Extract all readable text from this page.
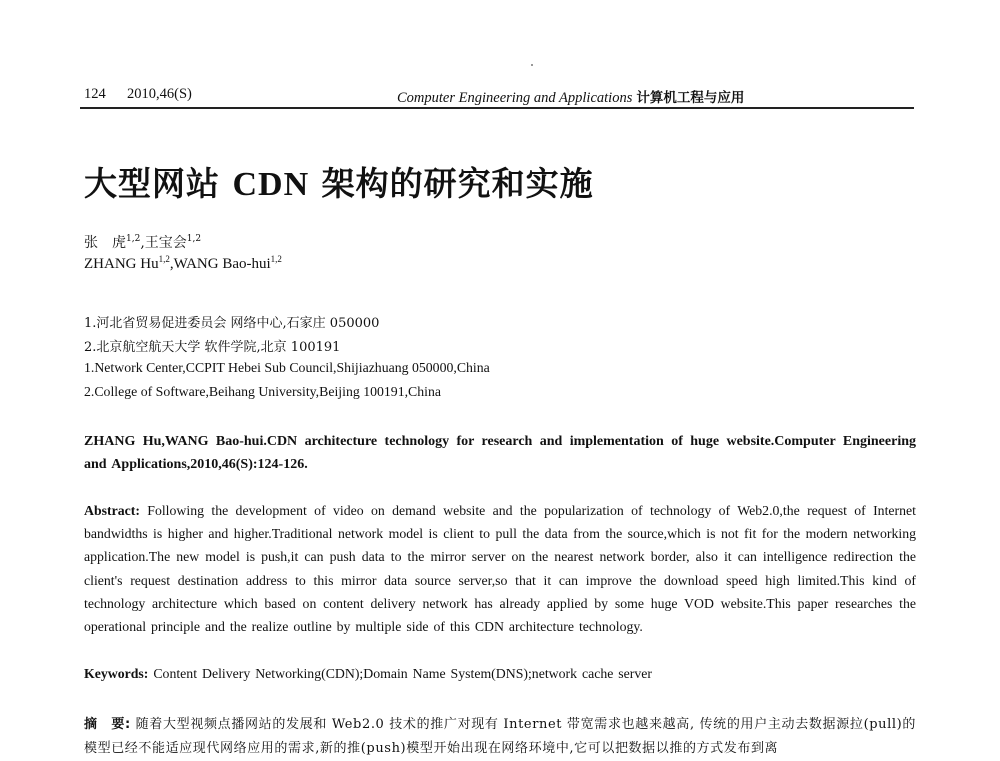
124 2010,46(S)	Computer Engineering and Applications 计算机工程与应用
大型网站 CDN 架构的研究和实施
张　虎$^{1,2}$,王宝会$^{1,2}$
ZHANG Hu$^{1,2}$,WANG Bao-hui$^{1,2}$
1.河北省贸易促进委员会 网络中心,石家庄 050000
2.北京航空航天大学 软件学院,北京 100191
1.Network Center,CCPIT Hebei Sub Council,Shijiazhuang 050000,China
2.College of Software,Beihang University,Beijing 100191,China
ZHANG Hu,WANG Bao-hui.CDN architecture technology for research and implementation of huge website.Computer Engineering and Applications,2010,46(S):124-126.
Abstract: Following the development of video on demand website and the popularization of technology of Web2.0,the request of Internet bandwidths is higher and higher.Traditional network model is client to pull the data from the source,which is not fit for the modern networking application.The new model is push,it can push data to the mirror server on the nearest network border, also it can intelligence redirection the client's request destination address to this mirror data source server,so that it can improve the download speed high limited.This kind of technology architecture which based on content delivery network has already applied by some huge VOD website.This paper researches the operational principle and the realize outline by multiple side of this CDN architecture technology.
Keywords: Content Delivery Networking(CDN);Domain Name System(DNS);network cache server
摘　要: 随着大型视频点播网站的发展和 Web2.0 技术的推广对现有 Internet 带宽需求也越来越高, 传统的用户主动去数据源拉(pull)的模型已经不能适应现代网络应用的需求,新的推(push)模型开始出现在网络环境中,它可以把数据以推的方式发布到离
